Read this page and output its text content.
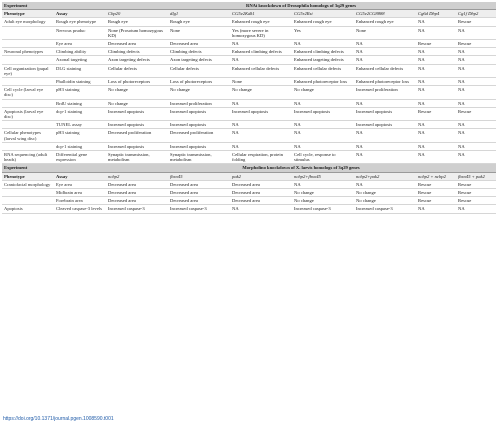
Experiment		RNAi knockdown of Drosophila homologs of 3q29 genes						
Phenotype	Assay	Cbp20	dlg1	CG5e2Kdk1	CG5r2Rsi	CG5e2CG8888	Cg6d Dbp4	Cg1f Dbp2
Adult eye morphology	Rough eye phenotype	Rough eye	Rough eye	Enhanced rough eye	Enhanced rough eye	Enhanced rough eye	NA	Rescue
	Nervous pruduc	None (Prosotum homozygous KD)	None	Yes (more severe in homozygous KD)	Yes	None	NA	NA
	Eye area	Decreased area	Decreased area	NA	NA	NA	Rescue	Rescue
Neuronal phenotypes	Climbing ability	Climbing defects	Climbing defects	Enhanced climbing defects	Enhanced climbing defects	NA	NA	NA
	Axonal targeting	Axon targeting defects	Axon targeting defects	NA	Enhanced targeting defects	NA	NA	NA
Cell organization (pupal eye)	DLG staining	Cellular defects	Cellular defects	Enhanced cellular defects	Enhanced cellular defects	Enhanced cellular defects	NA	NA
	Phalloidin staining	Loss of photoreceptors	Loss of photoreceptors	None	Enhanced photoreceptor loss	Enhanced photoreceptor loss	NA	NA
Cell cycle (larval eye disc)	pH3 staining	No change	No change	No change	No change	Increased proliferation	NA	NA
	BrdU staining	No change	Increased proliferation	NA	NA	NA	NA	NA
Apoptosis (larval eye disc)	dcp-1 staining	Increased apoptosis	Increased apoptosis	Increased apoptosis	Increased apoptosis	Increased apoptosis	Rescue	Rescue
	TUNEL assay	Increased apoptosis	Increased apoptosis	NA	NA	Increased apoptosis	NA	NA
Cellular phenotypes (larval wing disc)	pH3 staining	Decreased proliferation	Decreased proliferation	NA	NA	NA	NA	NA
	dcp-1 staining	Increased apoptosis	Increased apoptosis	NA	NA	NA	NA	NA
RNA sequencing (adult heads)	Differential gene expression	Synaptic transmission, metabolism	Synaptic transmission, metabolism	Cellular respiration, protein folding	Cell cycle, response to stimulus	NA	NA	NA
Experiment		Morpholino knockdown of X. laevis homologs of 3q29 genes						
Phenotype	Assay	ncbp2	fbxo45	pak2	ncbp2+fbxo45	ncbp2+pak2	ncbp2 + ncbp2	fbxo45 + pak2
Craniofacial morphology	Eye area	Decreased area	Decreased area	Decreased area	NA	NA	Rescue	Rescue
	Midbrain area	Decreased area	Decreased area	Decreased area	No change	No change	Rescue	Rescue
	Forebrain area	Decreased area	Decreased area	Decreased area	No change	No change	Rescue	Rescue
Apoptosis	Cleaved caspase-3 levels	Increased caspase-3	Increased caspase-3	NA	Increased caspase-3	Increased caspase-3	NA	NA
https://doi.org/10.1371/journal.pgen.1008590.t001
